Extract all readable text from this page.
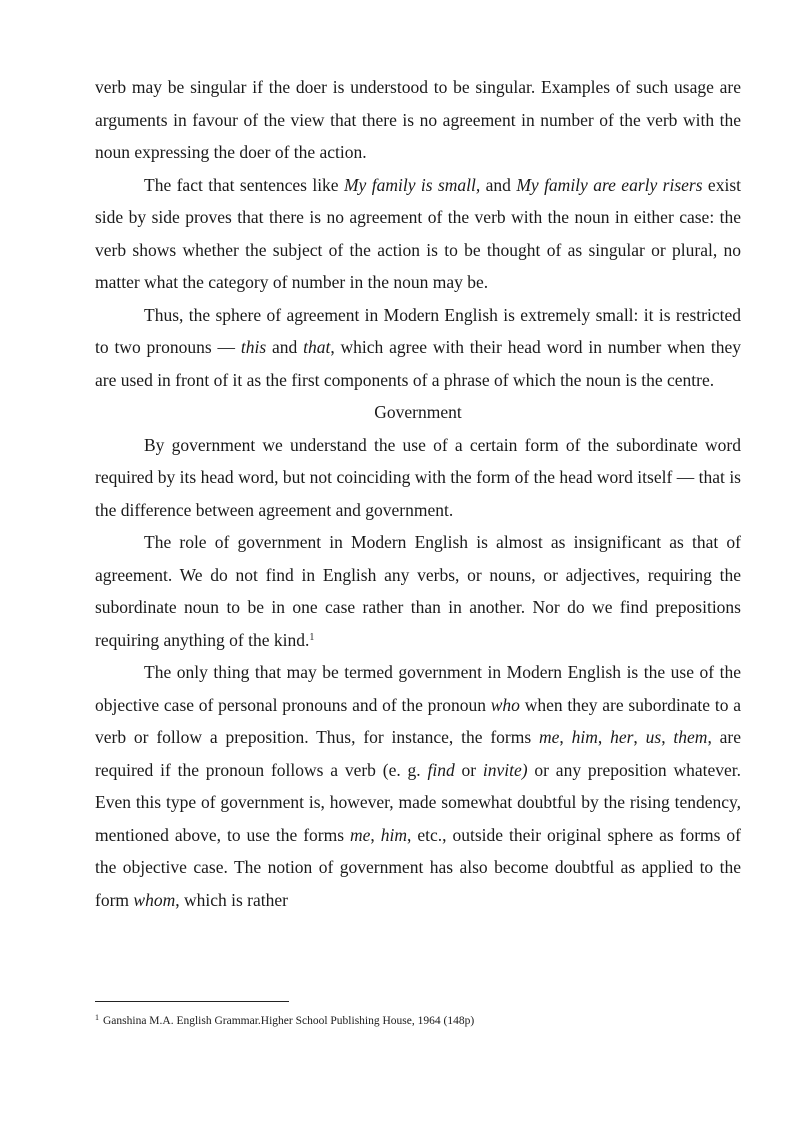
verb may be singular if the doer is understood to be singular. Examples of such usage are arguments in favour of the view that there is no agreement in number of the verb with the noun expressing the doer of the action.

The fact that sentences like My family is small, and My family are early risers exist side by side proves that there is no agreement of the verb with the noun in either case: the verb shows whether the subject of the action is to be thought of as singular or plural, no matter what the category of number in the noun may be.

Thus, the sphere of agreement in Modern English is extremely small: it is restricted to two pronouns — this and that, which agree with their head word in number when they are used in front of it as the first components of a phrase of which the noun is the centre.

Government

By government we understand the use of a certain form of the subordinate word required by its head word, but not coinciding with the form of the head word itself — that is the difference between agreement and government.

The role of government in Modern English is almost as insignificant as that of agreement. We do not find in English any verbs, or nouns, or adjectives, requiring the subordinate noun to be in one case rather than in another. Nor do we find prepositions requiring anything of the kind.$^1$

The only thing that may be termed government in Modern English is the use of the objective case of personal pronouns and of the pronoun who when they are subordinate to a verb or follow a preposition. Thus, for instance, the forms me, him, her, us, them, are required if the pronoun follows a verb (e. g. find or invite) or any preposition whatever. Even this type of government is, however, made somewhat doubtful by the rising tendency, mentioned above, to use the forms me, him, etc., outside their original sphere as forms of the objective case. The notion of government has also become doubtful as applied to the form whom, which is rather

$^1$ Ganshina M.A. English Grammar.Higher School Publishing House, 1964 (148p)
